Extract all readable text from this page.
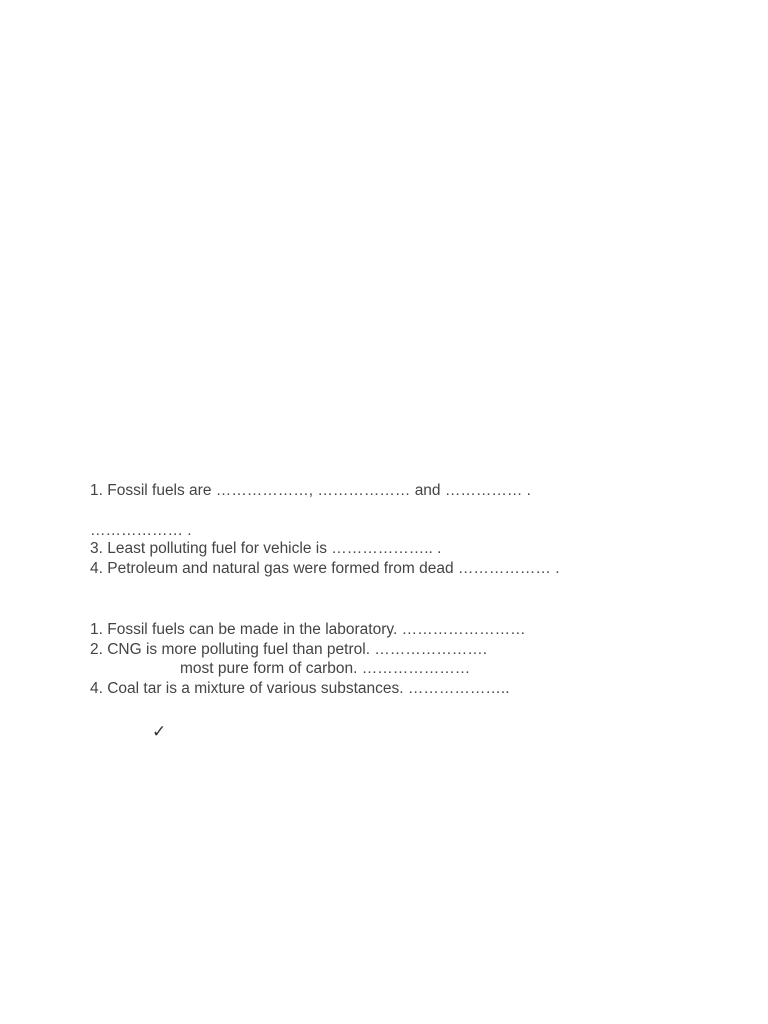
1. Fossil fuels are ………………, ……………… and …………… .
……………… .
3. Least polluting fuel for vehicle is ……………….. .
4. Petroleum and natural gas were formed from dead ……………… .
1. Fossil fuels can be made in the laboratory. ……………………
2. CNG is more polluting fuel than petrol. ………………….
most pure form of carbon. …………………
4. Coal tar is a mixture of various substances. ………………..
✓
